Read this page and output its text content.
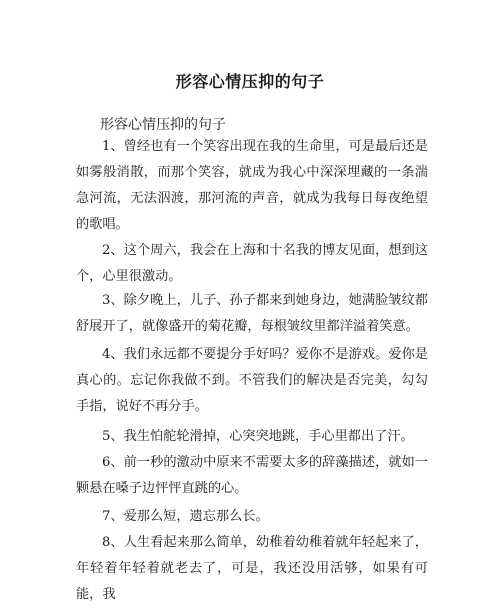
形容心情压抑的句子
形容心情压抑的句子

1、曾经也有一个笑容出现在我的生命里，可是最后还是如雾般消散，而那个笑容，就成为我心中深深埋藏的一条湍急河流，无法泅渡，那河流的声音，就成为我每日每夜绝望的歌唱。

2、这个周六，我会在上海和十名我的博友见面，想到这个，心里很激动。

3、除夕晚上，儿子、孙子都来到她身边，她满脸皱纹都舒展开了，就像盛开的菊花瓣，每根皱纹里都洋溢着笑意。

4、我们永远都不要提分手好吗？爱你不是游戏。爱你是真心的。忘记你我做不到。不管我们的解决是否完美，勾勾手指，说好不再分手。

5、我生怕舵轮滑掉，心突突地跳，手心里都出了汗。

6、前一秒的激动中原来不需要太多的辞藻描述，就如一颗悬在嗓子边怦怦直跳的心。

7、爱那么短，遗忘那么长。

8、人生看起来那么简单，幼稚着幼稚着就年轻起来了，年轻着年轻着就老去了，可是，我还没用活够，如果有可能，我
